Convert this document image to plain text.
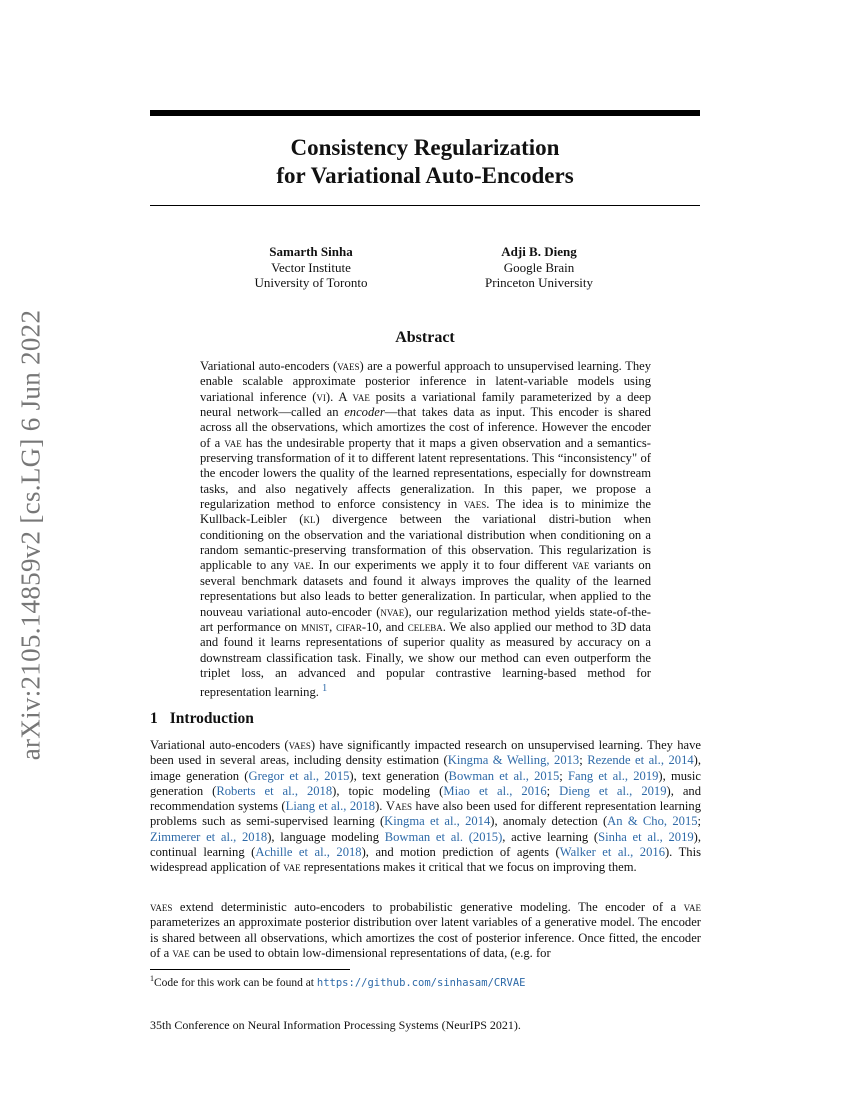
Consistency Regularization
for Variational Auto-Encoders
Samarth Sinha
Vector Institute
University of Toronto
Adji B. Dieng
Google Brain
Princeton University
arXiv:2105.14859v2 [cs.LG] 6 Jun 2022	Abstract
Variational auto-encoders (vaes) are a powerful approach to unsupervised learning. They enable scalable approximate posterior inference in latent-variable models using variational inference (vi). A vae posits a variational family parameterized by a deep neural network—called an encoder—that takes data as input. This encoder is shared across all the observations, which amortizes the cost of inference. However the encoder of a vae has the undesirable property that it maps a given observation and a semantics-preserving transformation of it to different latent representations. This “inconsistency" of the encoder lowers the quality of the learned representations, especially for downstream tasks, and also negatively affects generalization. In this paper, we propose a regularization method to enforce consistency in vaes. The idea is to minimize the Kullback-Leibler (kl) divergence between the variational distri-bution when conditioning on the observation and the variational distribution when conditioning on a random semantic-preserving transformation of this observation. This regularization is applicable to any vae. In our experiments we apply it to four different vae variants on several benchmark datasets and found it always improves the quality of the learned representations but also leads to better generalization. In particular, when applied to the nouveau variational auto-encoder (nvae), our regularization method yields state-of-the-art performance on mnist, cifar-10, and celeba. We also applied our method to 3D data and found it learns representations of superior quality as measured by accuracy on a downstream classification task. Finally, we show our method can even outperform the triplet loss, an advanced and popular contrastive learning-based method for representation learning. $^1$
1 Introduction
Variational auto-encoders (vaes) have significantly impacted research on unsupervised learning. They have been used in several areas, including density estimation (Kingma & Welling, 2013; Rezende et al., 2014), image generation (Gregor et al., 2015), text generation (Bowman et al., 2015; Fang et al., 2019), music generation (Roberts et al., 2018), topic modeling (Miao et al., 2016; Dieng et al., 2019), and recommendation systems (Liang et al., 2018). Vaes have also been used for different representation learning problems such as semi-supervised learning (Kingma et al., 2014), anomaly detection (An & Cho, 2015; Zimmerer et al., 2018), language modeling Bowman et al. (2015), active learning (Sinha et al., 2019), continual learning (Achille et al., 2018), and motion prediction of agents (Walker et al., 2016). This widespread application of vae representations makes it critical that we focus on improving them.
vaes extend deterministic auto-encoders to probabilistic generative modeling. The encoder of a vae parameterizes an approximate posterior distribution over latent variables of a generative model. The encoder is shared between all observations, which amortizes the cost of posterior inference. Once fitted, the encoder of a vae can be used to obtain low-dimensional representations of data, (e.g. for
$^1$Code for this work can be found at https://github.com/sinhasam/CRVAE
35th Conference on Neural Information Processing Systems (NeurIPS 2021).
